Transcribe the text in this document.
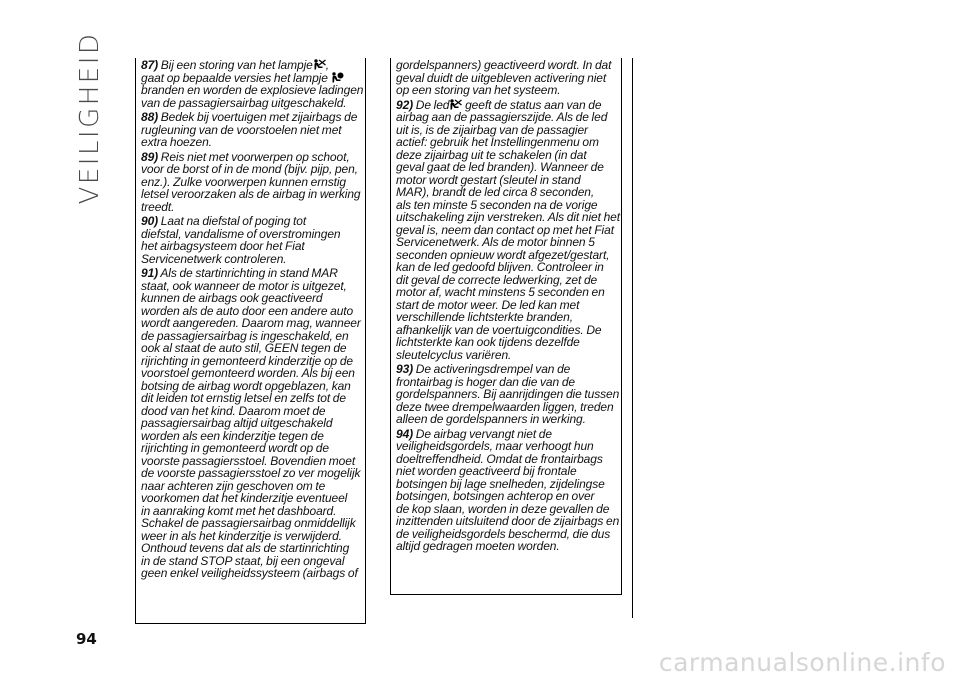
VEILIGHEID	87) Bij een storing van het lampje ,
gaat op bepaalde versies het lampje
branden en worden de explosieve ladingen
van de passagiersairbag uitgeschakeld.
88) Bedek bij voertuigen met zijairbags de
rugleuning van de voorstoelen niet met
extra hoezen.
89) Reis niet met voorwerpen op schoot,
voor de borst of in de mond (bijv. pijp, pen,
enz.). Zulke voorwerpen kunnen ernstig
letsel veroorzaken als de airbag in werking
treedt.
90) Laat na diefstal of poging tot
diefstal, vandalisme of overstromingen
het airbagsysteem door het Fiat
Servicenetwerk controleren.
91) Als de startinrichting in stand MAR
staat, ook wanneer de motor is uitgezet,
kunnen de airbags ook geactiveerd
worden als de auto door een andere auto
wordt aangereden. Daarom mag, wanneer
de passagiersairbag is ingeschakeld, en
ook al staat de auto stil, GEEN tegen de
rijrichting in gemonteerd kinderzitje op de
voorstoel gemonteerd worden. Als bij een
botsing de airbag wordt opgeblazen, kan
dit leiden tot ernstig letsel en zelfs tot de
dood van het kind. Daarom moet de
passagiersairbag altijd uitgeschakeld
worden als een kinderzitje tegen de
rijrichting in gemonteerd wordt op de
voorste passagiersstoel. Bovendien moet
de voorste passagiersstoel zo ver mogelijk
naar achteren zijn geschoven om te
voorkomen dat het kinderzitje eventueel
in aanraking komt met het dashboard.
Schakel de passagiersairbag onmiddellijk
weer in als het kinderzitje is verwijderd.
Onthoud tevens dat als de startinrichting
in de stand STOP staat, bij een ongeval
geen enkel veiligheidssysteem (airbags of
gordelspanners) geactiveerd wordt. In dat
geval duidt de uitgebleven activering niet
op een storing van het systeem.
92) De led geeft de status aan van de
airbag aan de passagierszijde. Als de led
uit is, is de zijairbag van de passagier
actief: gebruik het Instellingenmenu om
deze zijairbag uit te schakelen (in dat
geval gaat de led branden). Wanneer de
motor wordt gestart (sleutel in stand
MAR), brandt de led circa 8 seconden,
als ten minste 5 seconden na de vorige
uitschakeling zijn verstreken. Als dit niet het
geval is, neem dan contact op met het Fiat
Servicenetwerk. Als de motor binnen 5
seconden opnieuw wordt afgezet/gestart,
kan de led gedoofd blijven. Controleer in
dit geval de correcte ledwerking, zet de
motor af, wacht minstens 5 seconden en
start de motor weer. De led kan met
verschillende lichtsterkte branden,
afhankelijk van de voertuigcondities. De
lichtsterkte kan ook tijdens dezelfde
sleutelcyclus variëren.
93) De activeringsdrempel van de
frontairbag is hoger dan die van de
gordelspanners. Bij aanrijdingen die tussen
deze twee drempelwaarden liggen, treden
alleen de gordelspanners in werking.
94) De airbag vervangt niet de
veiligheidsgordels, maar verhoogt hun
doeltreffendheid. Omdat de frontairbags
niet worden geactiveerd bij frontale
botsingen bij lage snelheden, zijdelingse
botsingen, botsingen achterop en over
de kop slaan, worden in deze gevallen de
inzittenden uitsluitend door de zijairbags en
de veiligheidsgordels beschermd, die dus
altijd gedragen moeten worden.
94
carmanualsonline.info
